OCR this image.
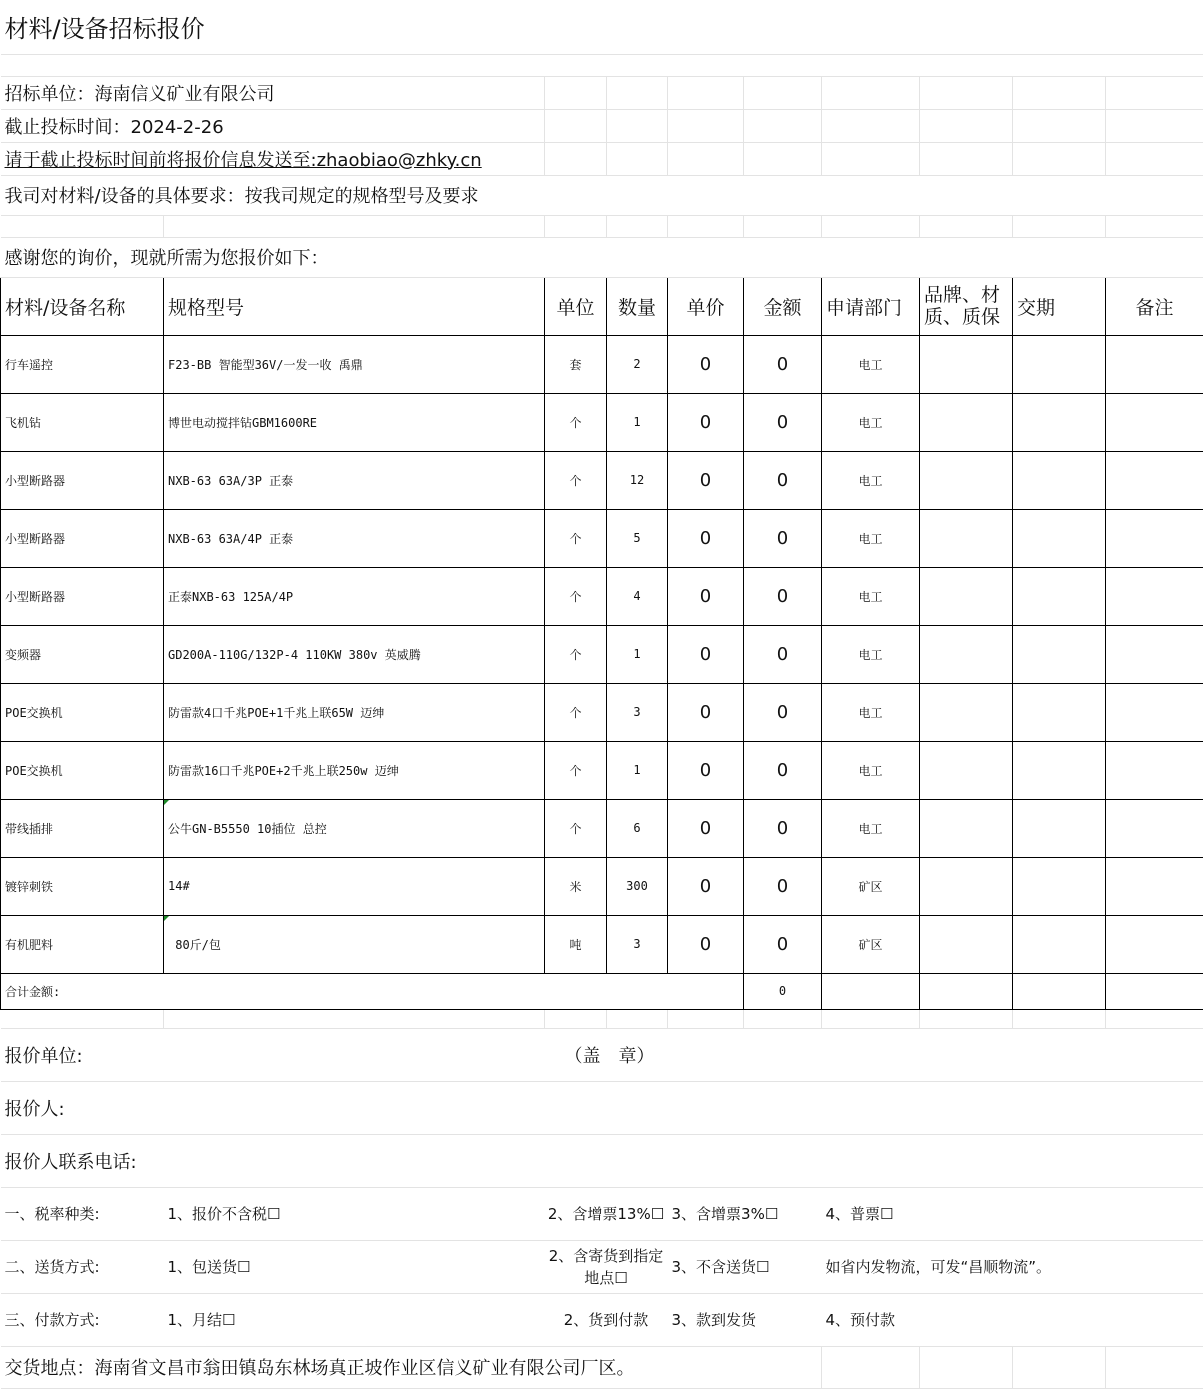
材料/设备招标报价									

招标单位：海南信义矿业有限公司									
截止投标时间：2024-2-26									
请于截止投标时间前将报价信息发送至:zhaobiao@zhky.cn									
我司对材料/设备的具体要求：按我司规定的规格型号及要求									

感谢您的询价，现就所需为您报价如下：									
材料/设备名称	规格型号	单位	数量	单价	金额	申请部门	品牌、材质、质保	交期	备注
行车遥控	F23-BB 智能型36V/一发一收 禹鼎	套	2	0	0	电工			
飞机钻	博世电动搅拌钻GBM1600RE	个	1	0	0	电工			
小型断路器	NXB-63 63A/3P 正泰	个	12	0	0	电工			
小型断路器	NXB-63 63A/4P 正泰	个	5	0	0	电工			
小型断路器	正泰NXB-63 125A/4P	个	4	0	0	电工			
变频器	GD200A-110G/132P-4 110KW 380v 英威腾	个	1	0	0	电工			
POE交换机	防雷款4口千兆POE+1千兆上联65W 迈绅	个	3	0	0	电工			
POE交换机	防雷款16口千兆POE+2千兆上联250w 迈绅	个	1	0	0	电工			
带线插排	公牛GN-B5550 10插位 总控	个	6	0	0	电工			
镀锌刺铁	14#	米	300	0	0	矿区			
有机肥料	80斤/包	吨	3	0	0	矿区			
合计金额:					0				

报价单位:		（盖　章）							
报价人:									
报价人联系电话:									
一、税率种类:	1、报价不含税☐	2、含增票13%☐		3、含增票3%☐		4、普票☐			
二、送货方式:	1、包送货☐	2、含寄货到指定地点☐		3、不含送货☐		如省内发物流，可发“昌顺物流”。			
三、付款方式:	1、月结☐	2、货到付款		3、款到发货		4、预付款			
交货地点：海南省文昌市翁田镇岛东林场真正坡作业区信义矿业有限公司厂区。									
